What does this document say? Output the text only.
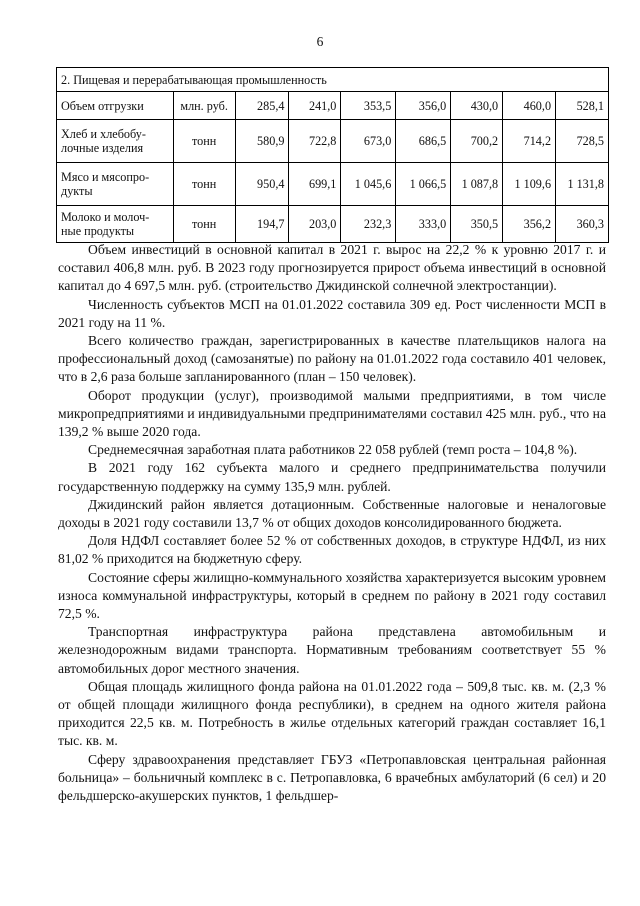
6
2. Пищевая и перерабатывающая промышленность								
Объем отгрузки	млн. руб.	285,4	241,0	353,5	356,0	430,0	460,0	528,1
Хлеб и хлебобу-лочные изделия	тонн	580,9	722,8	673,0	686,5	700,2	714,2	728,5
Мясо и мясопро-дукты	тонн	950,4	699,1	1 045,6	1 066,5	1 087,8	1 109,6	1 131,8
Молоко и молоч-ные продукты	тонн	194,7	203,0	232,3	333,0	350,5	356,2	360,3

Объем инвестиций в основной капитал в 2021 г. вырос на 22,2 % к уровню 2017 г. и составил 406,8 млн. руб. В 2023 году прогнозируется прирост объема инвестиций в основной капитал до 4 697,5 млн. руб. (строительство Джидинской солнечной электростанции).

Численность субъектов МСП на 01.01.2022 составила 309 ед. Рост численности МСП в 2021 году на 11 %.

Всего количество граждан, зарегистрированных в качестве плательщиков налога на профессиональный доход (самозанятые) по району на 01.01.2022 года составило 401 человек, что в 2,6 раза больше запланированного (план – 150 человек).

Оборот продукции (услуг), производимой малыми предприятиями, в том числе микропредприятиями и индивидуальными предпринимателями составил 425 млн. руб., что на 139,2 % выше 2020 года.

Среднемесячная заработная плата работников 22 058 рублей (темп роста – 104,8 %).

В 2021 году 162 субъекта малого и среднего предпринимательства получили государственную поддержку на сумму 135,9 млн. рублей.

Джидинский район является дотационным. Собственные налоговые и неналоговые доходы в 2021 году составили 13,7 % от общих доходов консолидированного бюджета.

Доля НДФЛ составляет более 52 % от собственных доходов, в структуре НДФЛ, из них 81,02 % приходится на бюджетную сферу.

Состояние сферы жилищно-коммунального хозяйства характеризуется высоким уровнем износа коммунальной инфраструктуры, который в среднем по району в 2021 году составил 72,5 %.

Транспортная инфраструктура района представлена автомобильным и железнодорожным видами транспорта. Нормативным требованиям соответствует 55 % автомобильных дорог местного значения.

Общая площадь жилищного фонда района на 01.01.2022 года – 509,8 тыс. кв. м. (2,3 % от общей площади жилищного фонда республики), в среднем на одного жителя района приходится 22,5 кв. м. Потребность в жилье отдельных категорий граждан составляет 16,1 тыс. кв. м.

Сферу здравоохранения представляет ГБУЗ «Петропавловская центральная районная больница» – больничный комплекс в с. Петропавловка, 6 врачебных амбулаторий (6 сел) и 20 фельдшерско-акушерских пунктов, 1 фельдшер-
